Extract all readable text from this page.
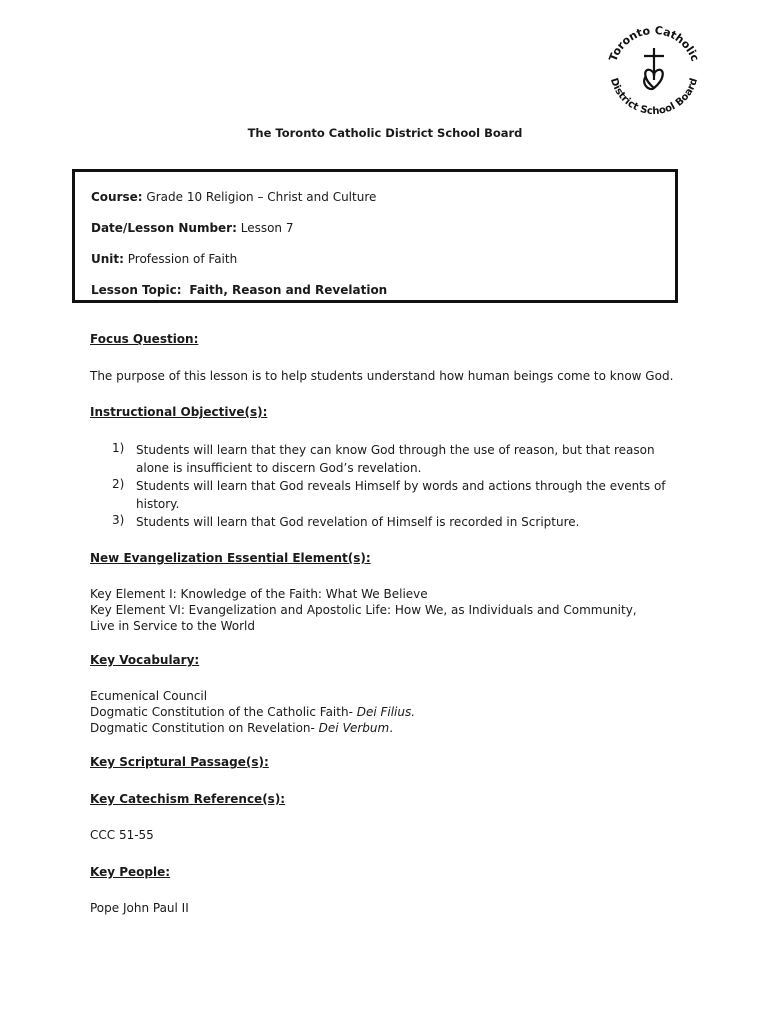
Toronto Catholic
District School Board
The Toronto Catholic District School Board
Course: Grade 10 Religion – Christ and Culture
Date/Lesson Number: Lesson 7
Unit: Profession of Faith
Lesson Topic: Faith, Reason and Revelation
Focus Question:
The purpose of this lesson is to help students understand how human beings come to know God.
Instructional Objective(s):
1) Students will learn that they can know God through the use of reason, but that reason alone is insufficient to discern God’s revelation.
2) Students will learn that God reveals Himself by words and actions through the events of history.
3) Students will learn that God revelation of Himself is recorded in Scripture.
New Evangelization Essential Element(s):
Key Element I: Knowledge of the Faith: What We Believe
Key Element VI: Evangelization and Apostolic Life: How We, as Individuals and Community,
Live in Service to the World
Key Vocabulary:
Ecumenical Council
Dogmatic Constitution of the Catholic Faith- Dei Filius.
Dogmatic Constitution on Revelation- Dei Verbum.
Key Scriptural Passage(s):
Key Catechism Reference(s):
CCC 51-55
Key People:
Pope John Paul II
